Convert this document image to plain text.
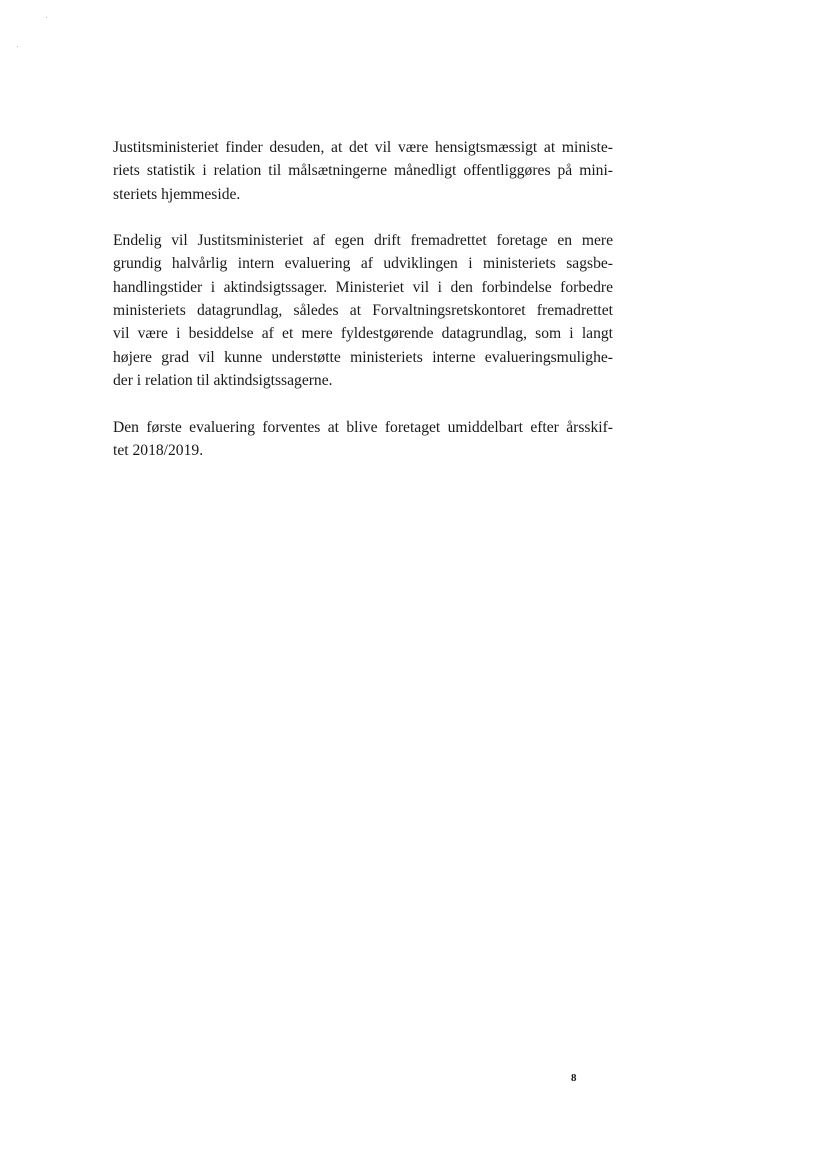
Justitsministeriet finder desuden, at det vil være hensigtsmæssigt at ministe-
riets statistik i relation til målsætningerne månedligt offentliggøres på mini-
steriets hjemmeside.

Endelig vil Justitsministeriet af egen drift fremadrettet foretage en mere
grundig halvårlig intern evaluering af udviklingen i ministeriets sagsbe-
handlingstider i aktindsigtssager. Ministeriet vil i den forbindelse forbedre
ministeriets datagrundlag, således at Forvaltningsretskontoret fremadrettet
vil være i besiddelse af et mere fyldestgørende datagrundlag, som i langt
højere grad vil kunne understøtte ministeriets interne evalueringsmulighe-
der i relation til aktindsigtssagerne.

Den første evaluering forventes at blive foretaget umiddelbart efter årsskif-
tet 2018/2019.

8
